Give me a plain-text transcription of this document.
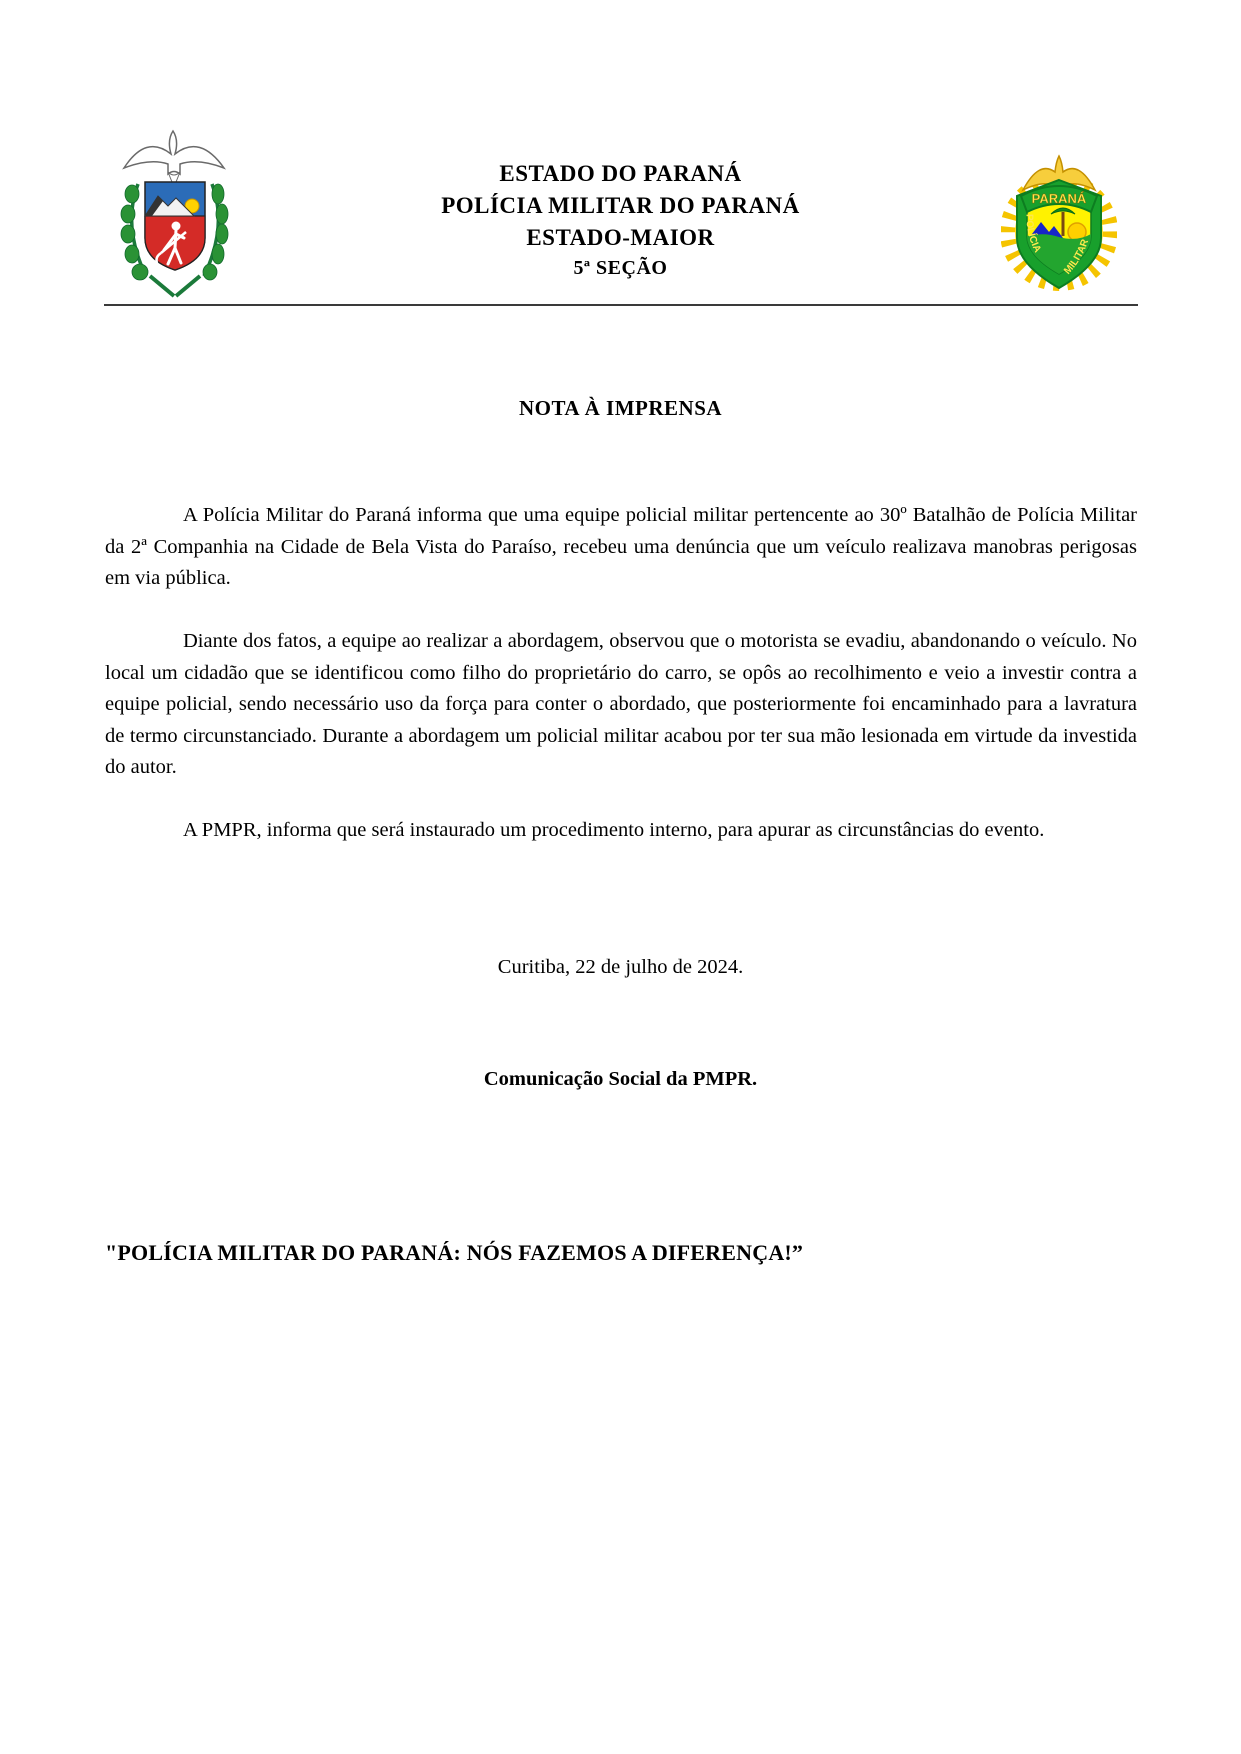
ESTADO DO PARANÁ
POLÍCIA MILITAR DO PARANÁ
ESTADO-MAIOR
5ª SEÇÃO
PARANÁ
POLÍCIA
MILITAR
NOTA À IMPRENSA

A Polícia Militar do Paraná informa que uma equipe policial militar pertencente ao 30º Batalhão de Polícia Militar da 2ª Companhia na Cidade de Bela Vista do Paraíso, recebeu uma denúncia que um veículo realizava manobras perigosas em via pública.

Diante dos fatos, a equipe ao realizar a abordagem, observou que o motorista se evadiu, abandonando o veículo. No local um cidadão que se identificou como filho do proprietário do carro, se opôs ao recolhimento e veio a investir contra a equipe policial, sendo necessário uso da força para conter o abordado, que posteriormente foi encaminhado para a lavratura de termo circunstanciado. Durante a abordagem um policial militar acabou por ter sua mão lesionada em virtude da investida do autor.

A PMPR, informa que será instaurado um procedimento interno, para apurar as circunstâncias do evento.

Curitiba, 22 de julho de 2024.
Comunicação Social da PMPR.
"POLÍCIA MILITAR DO PARANÁ: NÓS FAZEMOS A DIFERENÇA!”
